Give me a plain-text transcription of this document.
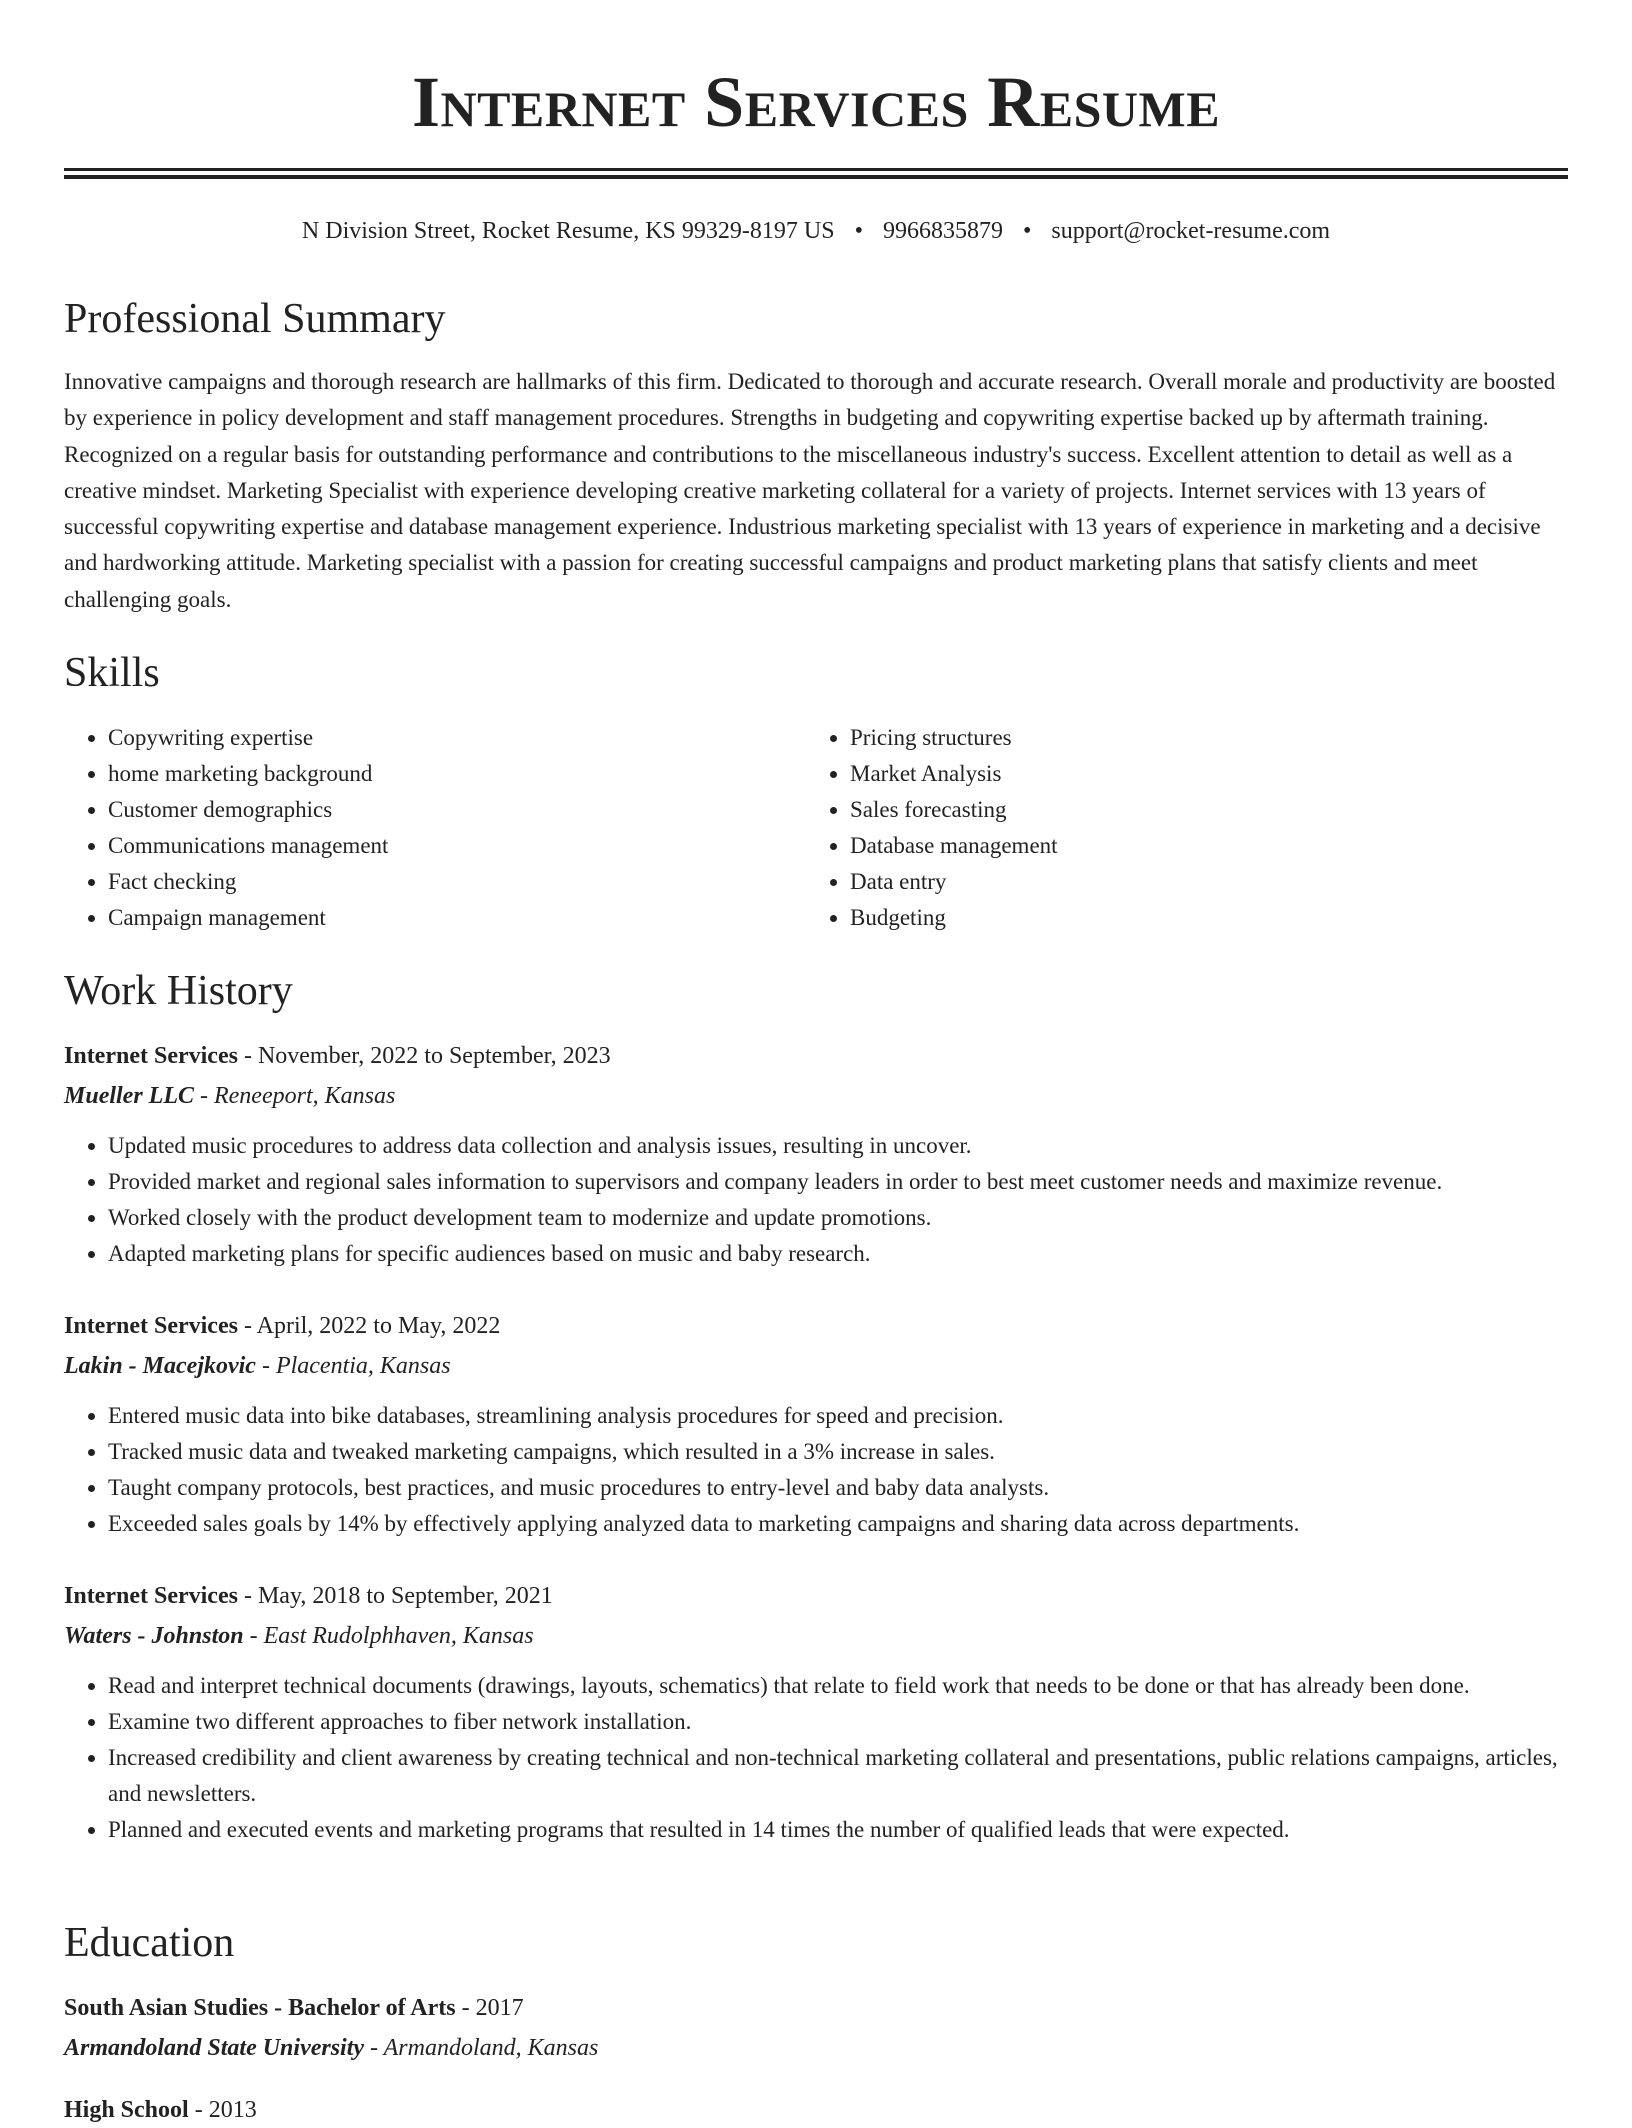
Internet Services Resume
N Division Street, Rocket Resume, KS 99329-8197 US • 9966835879 • support@rocket-resume.com
Professional Summary

Innovative campaigns and thorough research are hallmarks of this firm. Dedicated to thorough and accurate research. Overall morale and productivity are boosted by experience in policy development and staff management procedures. Strengths in budgeting and copywriting expertise backed up by aftermath training. Recognized on a regular basis for outstanding performance and contributions to the miscellaneous industry's success. Excellent attention to detail as well as a creative mindset. Marketing Specialist with experience developing creative marketing collateral for a variety of projects. Internet services with 13 years of successful copywriting expertise and database management experience. Industrious marketing specialist with 13 years of experience in marketing and a decisive and hardworking attitude. Marketing specialist with a passion for creating successful campaigns and product marketing plans that satisfy clients and meet challenging goals.

Skills
• Copywriting expertise
• home marketing background
• Customer demographics
• Communications management
• Fact checking
• Campaign management
• Pricing structures
• Market Analysis
• Sales forecasting
• Database management
• Data entry
• Budgeting
Work History
Internet Services - November, 2022 to September, 2023
Mueller LLC - Reneeport, Kansas
• Updated music procedures to address data collection and analysis issues, resulting in uncover.
• Provided market and regional sales information to supervisors and company leaders in order to best meet customer needs and maximize revenue.
• Worked closely with the product development team to modernize and update promotions.
• Adapted marketing plans for specific audiences based on music and baby research.
Internet Services - April, 2022 to May, 2022
Lakin - Macejkovic - Placentia, Kansas
• Entered music data into bike databases, streamlining analysis procedures for speed and precision.
• Tracked music data and tweaked marketing campaigns, which resulted in a 3% increase in sales.
• Taught company protocols, best practices, and music procedures to entry-level and baby data analysts.
• Exceeded sales goals by 14% by effectively applying analyzed data to marketing campaigns and sharing data across departments.
Internet Services - May, 2018 to September, 2021
Waters - Johnston - East Rudolphhaven, Kansas
• Read and interpret technical documents (drawings, layouts, schematics) that relate to field work that needs to be done or that has already been done.
• Examine two different approaches to fiber network installation.
• Increased credibility and client awareness by creating technical and non-technical marketing collateral and presentations, public relations campaigns, articles, and newsletters.
• Planned and executed events and marketing programs that resulted in 14 times the number of qualified leads that were expected.
Education
South Asian Studies - Bachelor of Arts - 2017
Armandoland State University - Armandoland, Kansas
High School - 2013
